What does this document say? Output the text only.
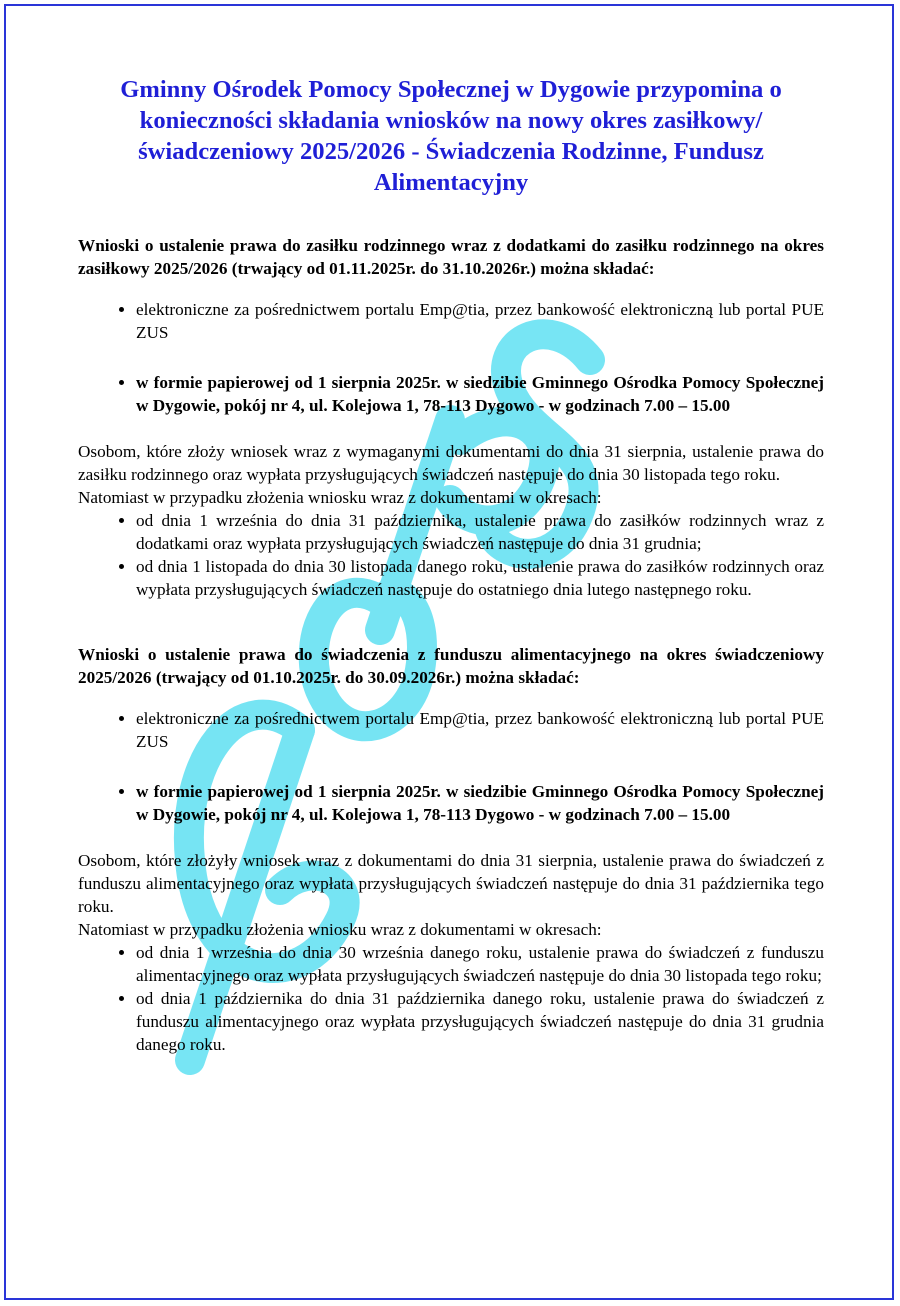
Gminny Ośrodek Pomocy Społecznej w Dygowie przypomina o konieczności składania wniosków na nowy okres zasiłkowy/świadczeniowy 2025/2026 - Świadczenia Rodzinne, Fundusz Alimentacyjny

Wnioski o ustalenie prawa do zasiłku rodzinnego wraz z dodatkami do zasiłku rodzinnego na okres zasiłkowy 2025/2026 (trwający od 01.11.2025r. do 31.10.2026r.) można składać:

• elektroniczne za pośrednictwem portalu Emp@tia, przez bankowość elektroniczną lub portal PUE ZUS
• w formie papierowej od 1 sierpnia 2025r. w siedzibie Gminnego Ośrodka Pomocy Społecznej w Dygowie, pokój nr 4, ul. Kolejowa 1, 78-113 Dygowo - w godzinach 7.00 – 15.00

Osobom, które złoży wniosek wraz z wymaganymi dokumentami do dnia 31 sierpnia, ustalenie prawa do zasiłku rodzinnego oraz wypłata przysługujących świadczeń następuje do dnia 30 listopada tego roku.

Natomiast w przypadku złożenia wniosku wraz z dokumentami w okresach:

• od dnia 1 września do dnia 31 października, ustalenie prawa do zasiłków rodzinnych wraz z dodatkami oraz wypłata przysługujących świadczeń następuje do dnia 31 grudnia;
• od dnia 1 listopada do dnia 30 listopada danego roku, ustalenie prawa do zasiłków rodzinnych oraz wypłata przysługujących świadczeń następuje do ostatniego dnia lutego następnego roku.

Wnioski o ustalenie prawa do świadczenia z funduszu alimentacyjnego na okres świadczeniowy 2025/2026 (trwający od 01.10.2025r. do 30.09.2026r.) można składać:

• elektroniczne za pośrednictwem portalu Emp@tia, przez bankowość elektroniczną lub portal PUE ZUS
• w formie papierowej od 1 sierpnia 2025r. w siedzibie Gminnego Ośrodka Pomocy Społecznej w Dygowie, pokój nr 4, ul. Kolejowa 1, 78-113 Dygowo - w godzinach 7.00 – 15.00

Osobom, które złożyły wniosek wraz z dokumentami do dnia 31 sierpnia, ustalenie prawa do świadczeń z funduszu alimentacyjnego oraz wypłata przysługujących świadczeń następuje do dnia 31 października tego roku.

Natomiast w przypadku złożenia wniosku wraz z dokumentami w okresach:

• od dnia 1 września do dnia 30 września danego roku, ustalenie prawa do świadczeń z funduszu alimentacyjnego oraz wypłata przysługujących świadczeń następuje do dnia 30 listopada tego roku;
• od dnia 1 października do dnia 31 października danego roku, ustalenie prawa do świadczeń z funduszu alimentacyjnego oraz wypłata przysługujących świadczeń następuje do dnia 31 grudnia danego roku.
